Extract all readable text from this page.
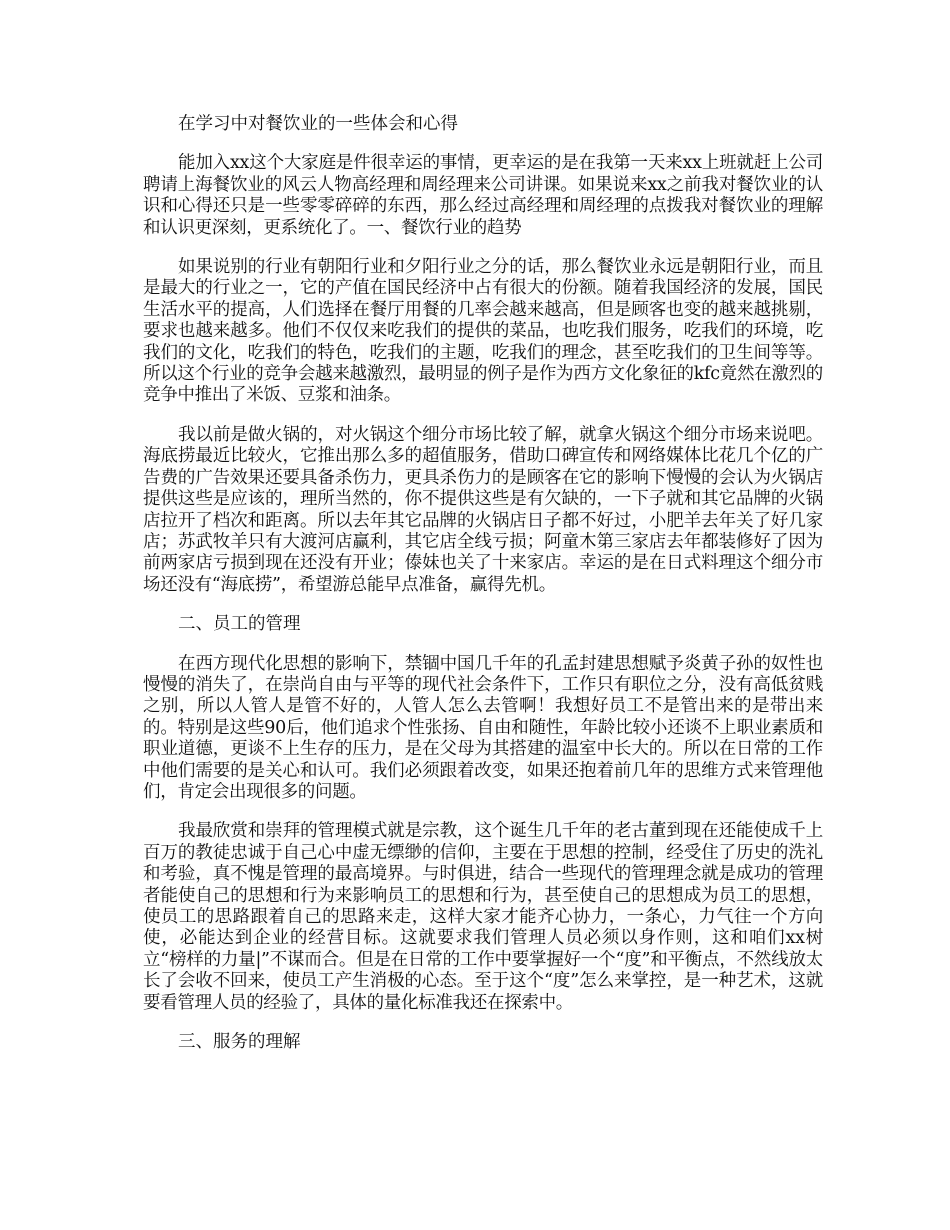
在学习中对餐饮业的一些体会和心得

能加入xx这个大家庭是件很幸运的事情，更幸运的是在我第一天来xx上班就赶上公司聘请上海餐饮业的风云人物高经理和周经理来公司讲课。如果说来xx之前我对餐饮业的认识和心得还只是一些零零碎碎的东西，那么经过高经理和周经理的点拨我对餐饮业的理解和认识更深刻，更系统化了。一、餐饮行业的趋势

如果说别的行业有朝阳行业和夕阳行业之分的话，那么餐饮业永远是朝阳行业，而且是最大的行业之一，它的产值在国民经济中占有很大的份额。随着我国经济的发展，国民生活水平的提高，人们选择在餐厅用餐的几率会越来越高，但是顾客也变的越来越挑剔，要求也越来越多。他们不仅仅来吃我们的提供的菜品，也吃我们服务，吃我们的环境，吃我们的文化，吃我们的特色，吃我们的主题，吃我们的理念，甚至吃我们的卫生间等等。所以这个行业的竞争会越来越激烈，最明显的例子是作为西方文化象征的kfc竟然在激烈的竞争中推出了米饭、豆浆和油条。

我以前是做火锅的，对火锅这个细分市场比较了解，就拿火锅这个细分市场来说吧。海底捞最近比较火，它推出那么多的超值服务，借助口碑宣传和网络媒体比花几个亿的广告费的广告效果还要具备杀伤力，更具杀伤力的是顾客在它的影响下慢慢的会认为火锅店提供这些是应该的，理所当然的，你不提供这些是有欠缺的，一下子就和其它品牌的火锅店拉开了档次和距离。所以去年其它品牌的火锅店日子都不好过，小肥羊去年关了好几家店；苏武牧羊只有大渡河店赢利，其它店全线亏损；阿童木第三家店去年都装修好了因为前两家店亏损到现在还没有开业；傣妹也关了十来家店。幸运的是在日式料理这个细分市场还没有“海底捞”，希望游总能早点准备，赢得先机。

二、员工的管理

在西方现代化思想的影响下，禁锢中国几千年的孔孟封建思想赋予炎黄子孙的奴性也慢慢的消失了，在崇尚自由与平等的现代社会条件下，工作只有职位之分，没有高低贫贱之别，所以人管人是管不好的，人管人怎么去管啊！我想好员工不是管出来的是带出来的。特别是这些90后，他们追求个性张扬、自由和随性，年龄比较小还谈不上职业素质和职业道德，更谈不上生存的压力，是在父母为其搭建的温室中长大的。所以在日常的工作中他们需要的是关心和认可。我们必须跟着改变，如果还抱着前几年的思维方式来管理他们，肯定会出现很多的问题。

我最欣赏和崇拜的管理模式就是宗教，这个诞生几千年的老古董到现在还能使成千上百万的教徒忠诚于自己心中虚无缥缈的信仰，主要在于思想的控制，经受住了历史的洗礼和考验，真不愧是管理的最高境界。与时俱进，结合一些现代的管理理念就是成功的管理者能使自己的思想和行为来影响员工的思想和行为，甚至使自己的思想成为员工的思想，使员工的思路跟着自己的思路来走，这样大家才能齐心协力，一条心，力气往一个方向使，必能达到企业的经营目标。这就要求我们管理人员必须以身作则，这和咱们xx树立“榜样的力量|”不谋而合。但是在日常的工作中要掌握好一个“度”和平衡点，不然线放太长了会收不回来，使员工产生消极的心态。至于这个“度”怎么来掌控，是一种艺术，这就要看管理人员的经验了，具体的量化标准我还在探索中。

三、服务的理解
